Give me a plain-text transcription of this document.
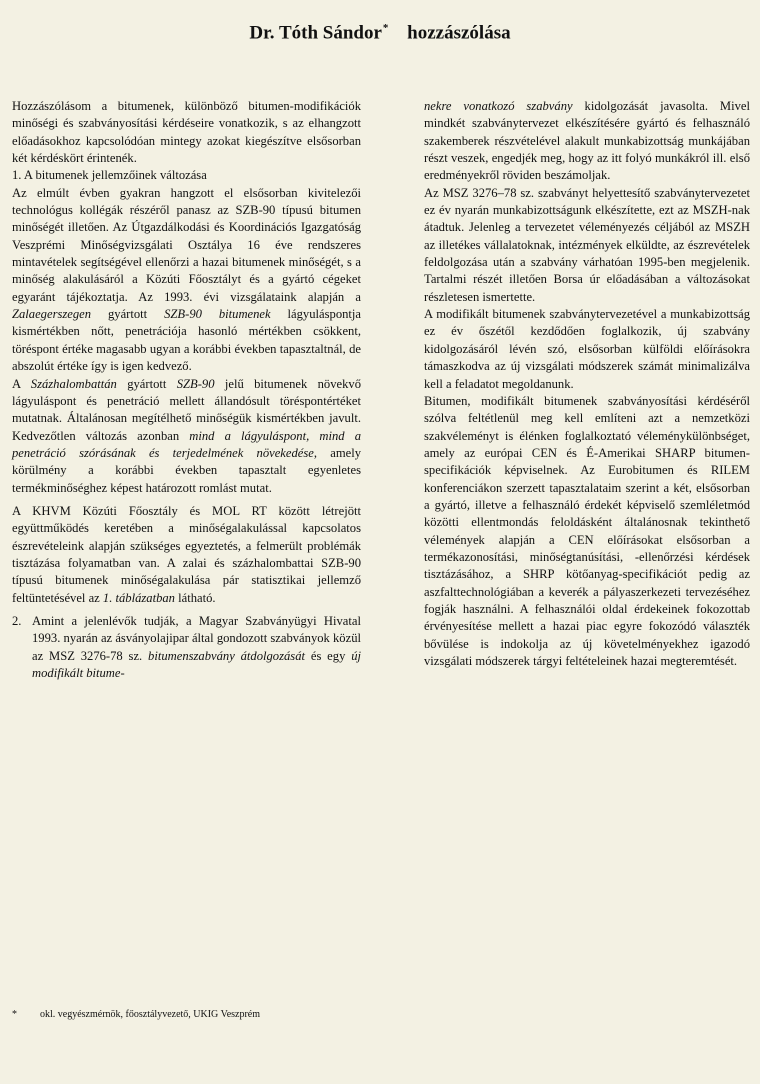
Dr. Tóth Sándor* hozzászólása

Hozzászólásom a bitumenek, különböző bitumen-modifikációk minőségi és szabványosítási kérdéseire vonatkozik, s az elhangzott előadásokhoz kapcsolódóan mintegy azokat kiegészítve elsősorban két kérdéskört érintenék.

1. A bitumenek jellemzőinek változása

Az elmúlt évben gyakran hangzott el elsősorban kivitelezői technológus kollégák részéről panasz az SZB-90 típusú bitumen minőségét illetően. Az Útgazdálkodási és Koordinációs Igazgatóság Veszprémi Minőségvizsgálati Osztálya 16 éve rendszeres mintavételek segítségével ellenőrzi a hazai bitumenek minőségét, s a minőség alakulásáról a Közúti Főosztályt és a gyártó cégeket egyaránt tájékoztatja. Az 1993. évi vizsgálataink alapján a Zalaegerszegen gyártott SZB-90 bitumenek lágyuláspontja kismértékben nőtt, penetrációja hasonló mértékben csökkent, töréspont értéke magasabb ugyan a korábbi években tapasztaltnál, de abszolút értéke így is igen kedvező.

A Százhalombattán gyártott SZB-90 jelű bitumenek növekvő lágyuláspont és penetráció mellett állandósult töréspontértéket mutatnak. Általánosan megítélhető minőségük kismértékben javult. Kedvezőtlen változás azonban mind a lágyuláspont, mind a penetráció szórásának és terjedelmének növekedése, amely körülmény a korábbi években tapasztalt egyenletes termékminőséghez képest határozott romlást mutat.

A KHVM Közúti Főosztály és MOL RT között létrejött együttműködés keretében a minőségalakulással kapcsolatos észrevételeink alapján szükséges egyeztetés, a felmerült problémák tisztázása folyamatban van. A zalai és százhalombattai SZB-90 típusú bitumenek minőségalakulása pár statisztikai jellemző feltüntetésével az 1. táblázatban látható.

2. Amint a jelenlévők tudják, a Magyar Szabványügyi Hivatal 1993. nyarán az ásványolajipar által gondozott szabványok közül az MSZ 3276-78 sz. bitumenszabvány átdolgozását és egy új modifikált bitume-

nekre vonatkozó szabvány kidolgozását javasolta. Mivel mindkét szabványtervezet elkészítésére gyártó és felhasználó szakemberek részvételével alakult munkabizottság munkájában részt veszek, engedjék meg, hogy az itt folyó munkákról ill. első eredményekről röviden beszámoljak.

Az MSZ 3276–78 sz. szabványt helyettesítő szabványtervezetet ez év nyarán munkabizottságunk elkészítette, ezt az MSZH-nak átadtuk. Jelenleg a tervezetet véleményezés céljából az MSZH az illetékes vállalatoknak, intézmények elküldte, az észrevételek feldolgozása után a szabvány várhatóan 1995-ben megjelenik. Tartalmi részét illetően Borsa úr előadásában a változásokat részletesen ismertette.

A modifikált bitumenek szabványtervezetével a munkabizottság ez év őszétől kezdődően foglalkozik, új szabvány kidolgozásáról lévén szó, elsősorban külföldi előírásokra támaszkodva az új vizsgálati módszerek számát minimalizálva kell a feladatot megoldanunk.

Bitumen, modifikált bitumenek szabványosítási kérdéséről szólva feltétlenül meg kell említeni azt a nemzetközi szakvéleményt is élénken foglalkoztató véleménykülönbséget, amely az európai CEN és É-Amerikai SHARP bitumen-specifikációk képviselnek. Az Eurobitumen és RILEM konferenciákon szerzett tapasztalataim szerint a két, elsősorban a gyártó, illetve a felhasználó érdekét képviselő szemléletmód közötti ellentmondás feloldásként általánosnak tekinthető vélemények alapján a CEN előírásokat elsősorban a termékazonosítási, minőségtanúsítási, -ellenőrzési kérdések tisztázásához, a SHRP kötőanyag-specifikációt pedig az aszfalttechnológiában a keverék a pályaszerkezeti tervezéséhez fogják használni. A felhasználói oldal érdekeinek fokozottab érvényesítése mellett a hazai piac egyre fokozódó választék bővülése is indokolja az új követelményekhez igazodó vizsgálati módszerek tárgyi feltételeinek hazai megteremtését.

* okl. vegyészmérnök, főosztályvezető, UKIG Veszprém
